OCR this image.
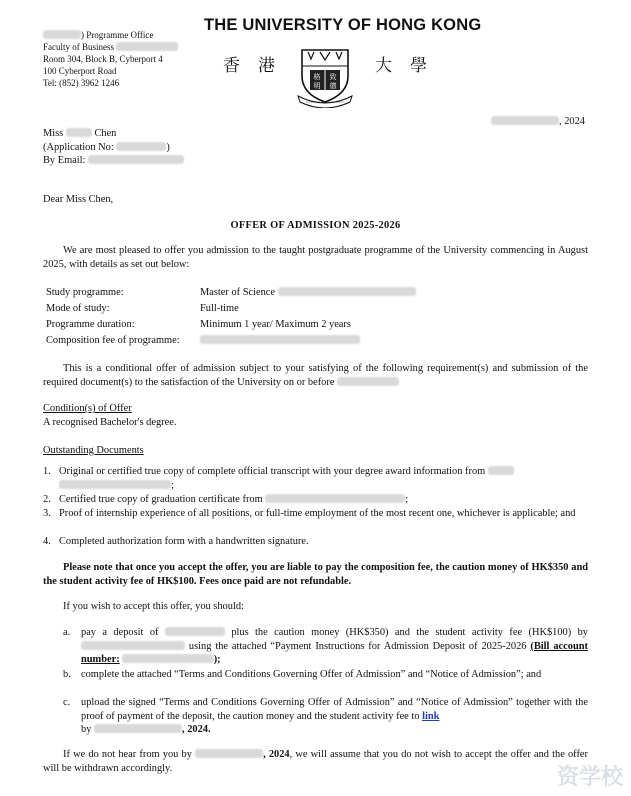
) Programme Office
Faculty of Business
Room 304, Block B, Cyberport 4
100 Cyberport Road
Tel: (852) 3962 1246
THE UNIVERSITY OF HONG KONG
香 港	大 學
格 致
明 德
, 2024
Miss	Chen
(Application No:	)
By Email:
Dear Miss Chen,
OFFER OF ADMISSION 2025-2026
We are most pleased to offer you admission to the taught postgraduate programme of the University commencing in August 2025, with details as set out below:
Study programme:	Master of Science
Mode of study:	Full-time
Programme duration:	Minimum 1 year/ Maximum 2 years
Composition fee of programme:
This is a conditional offer of admission subject to your satisfying of the following requirement(s) and submission of the required document(s) to the satisfaction of the University on or before
Condition(s) of Offer
A recognised Bachelor's degree.
Outstanding Documents
1. Original or certified true copy of complete official transcript with your degree award information from
;
2. Certified true copy of graduation certificate from	;
3. Proof of internship experience of all positions, or full-time employment of the most recent one, whichever is applicable; and
4. Completed authorization form with a handwritten signature.
Please note that once you accept the offer, you are liable to pay the composition fee, the caution money of HK$350 and the student activity fee of HK$100. Fees once paid are not refundable.
If you wish to accept this offer, you should:
a. pay a deposit of	plus the caution money (HK$350) and the student activity fee (HK$100) by  using the attached “Payment Instructions for Admission Deposit of 2025-2026 (Bill account number:	);
b. complete the attached “Terms and Conditions Governing Offer of Admission” and “Notice of Admission”; and
c. upload the signed “Terms and Conditions Governing Offer of Admission” and “Notice of Admission” together with the proof of payment of the deposit, the caution money and the student activity fee to link
by	, 2024.
If we do not hear from you by	, 2024, we will assume that you do not wish to accept the offer and the offer will be withdrawn accordingly.	资学校
